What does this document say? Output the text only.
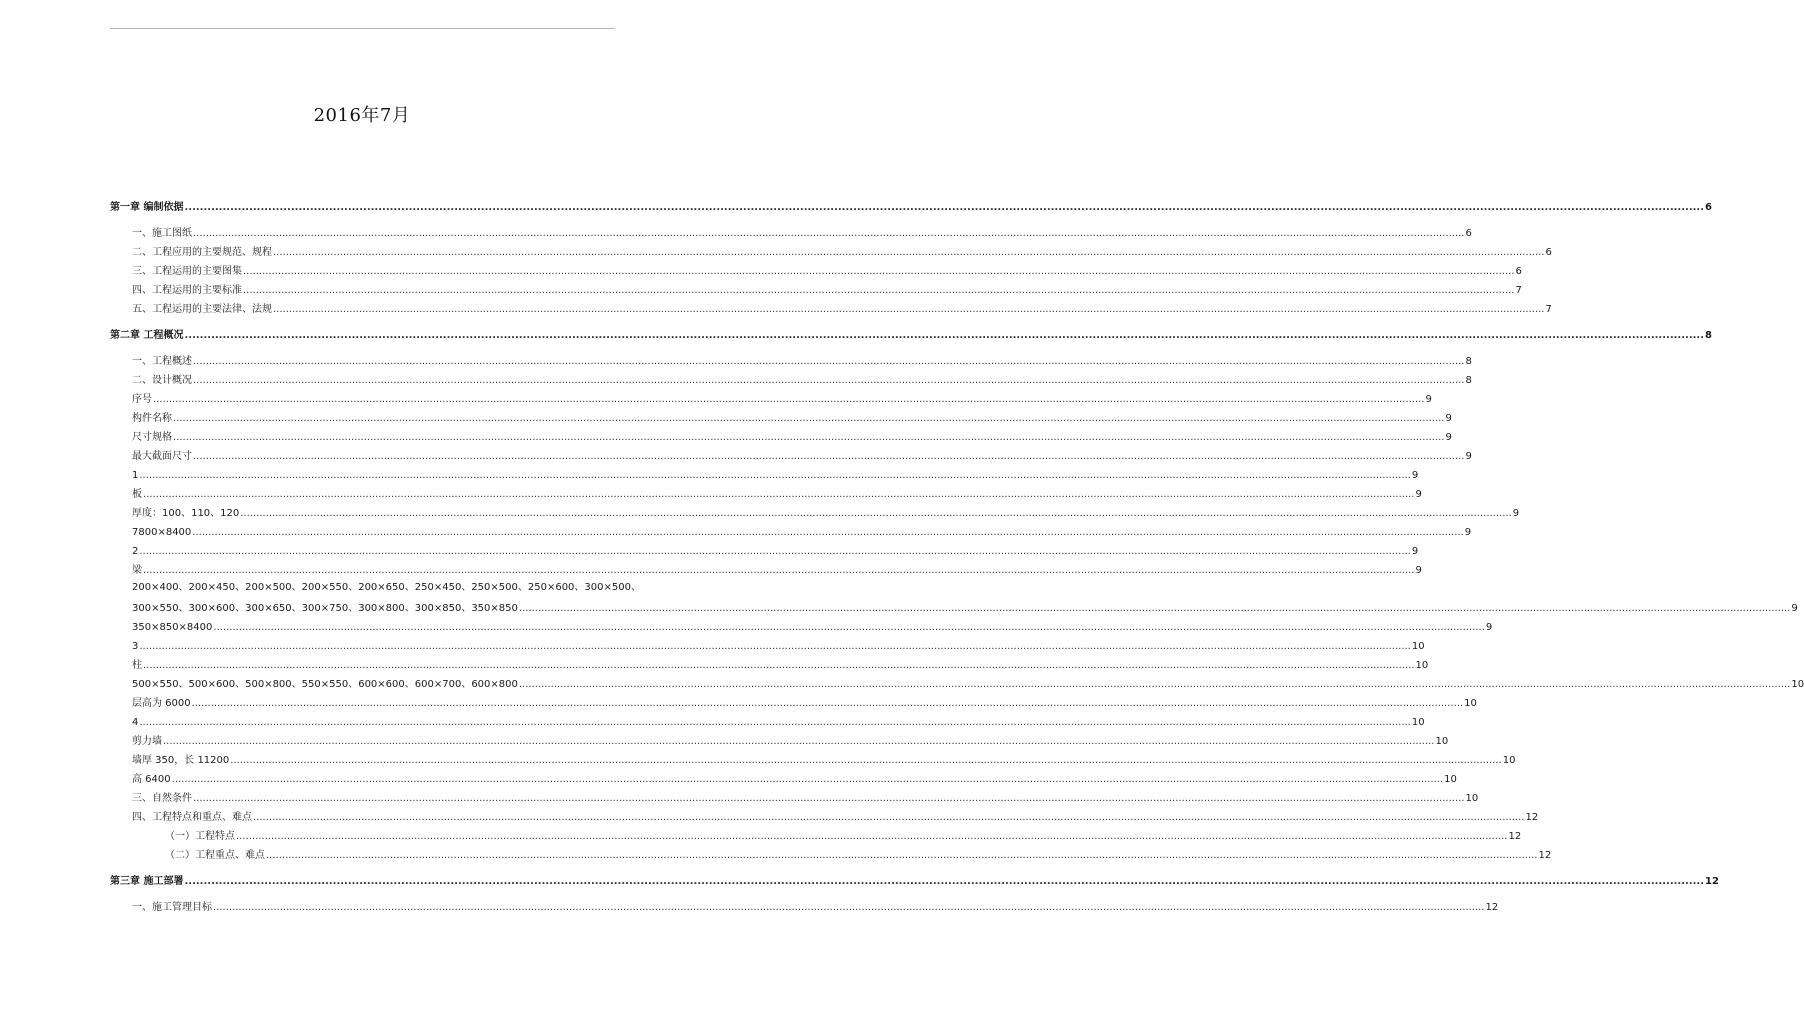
2016年7月
200×400、200×450、200×500、200×550、200×650、250×450、250×500、250×600、300×500、
第一章 编制依据 ................................................................................................................................................................................................................................................................................................................................................................................................................ 6
一、施工图纸 ................................................................................................................................................................................................................................................................................................................................................................................................................ 6
二、工程应用的主要规范、规程 ................................................................................................................................................................................................................................................................................................................................................................................................................ 6
三、工程运用的主要图集 ................................................................................................................................................................................................................................................................................................................................................................................................................ 6
四、工程运用的主要标准 ................................................................................................................................................................................................................................................................................................................................................................................................................ 7
五、工程运用的主要法律、法规 ................................................................................................................................................................................................................................................................................................................................................................................................................ 7
第二章 工程概况 ................................................................................................................................................................................................................................................................................................................................................................................................................ 8
一、工程概述 ................................................................................................................................................................................................................................................................................................................................................................................................................ 8
二、设计概况 ................................................................................................................................................................................................................................................................................................................................................................................................................ 8
序号 ................................................................................................................................................................................................................................................................................................................................................................................................................ 9
构件名称 ................................................................................................................................................................................................................................................................................................................................................................................................................ 9
尺寸规格 ................................................................................................................................................................................................................................................................................................................................................................................................................ 9
最大截面尺寸 ................................................................................................................................................................................................................................................................................................................................................................................................................ 9
1 ................................................................................................................................................................................................................................................................................................................................................................................................................ 9
板 ................................................................................................................................................................................................................................................................................................................................................................................................................ 9
厚度：100、110、120 ................................................................................................................................................................................................................................................................................................................................................................................................................ 9
7800×8400 ................................................................................................................................................................................................................................................................................................................................................................................................................ 9
2 ................................................................................................................................................................................................................................................................................................................................................................................................................ 9
梁 ................................................................................................................................................................................................................................................................................................................................................................................................................ 9
300×550、300×600、300×650、300×750、300×800、300×850、350×850 ................................................................................................................................................................................................................................................................................................................................................................................................................ 9
350×850×8400 ................................................................................................................................................................................................................................................................................................................................................................................................................ 9
3 ................................................................................................................................................................................................................................................................................................................................................................................................................ 10
柱 ................................................................................................................................................................................................................................................................................................................................................................................................................ 10
500×550、500×600、500×800、550×550、600×600、600×700、600×800 ................................................................................................................................................................................................................................................................................................................................................................................................................ 10
层高为 6000 ................................................................................................................................................................................................................................................................................................................................................................................................................ 10
4 ................................................................................................................................................................................................................................................................................................................................................................................................................ 10
剪力墙 ................................................................................................................................................................................................................................................................................................................................................................................................................ 10
墙厚 350，长 11200 ................................................................................................................................................................................................................................................................................................................................................................................................................ 10
高 6400 ................................................................................................................................................................................................................................................................................................................................................................................................................ 10
三、自然条件 ................................................................................................................................................................................................................................................................................................................................................................................................................ 10
四、工程特点和重点、难点 ................................................................................................................................................................................................................................................................................................................................................................................................................ 12
（一）工程特点 ................................................................................................................................................................................................................................................................................................................................................................................................................ 12
（二）工程重点、难点 ................................................................................................................................................................................................................................................................................................................................................................................................................ 12
第三章 施工部署 ................................................................................................................................................................................................................................................................................................................................................................................................................ 12
一、施工管理目标 ................................................................................................................................................................................................................................................................................................................................................................................................................ 12
